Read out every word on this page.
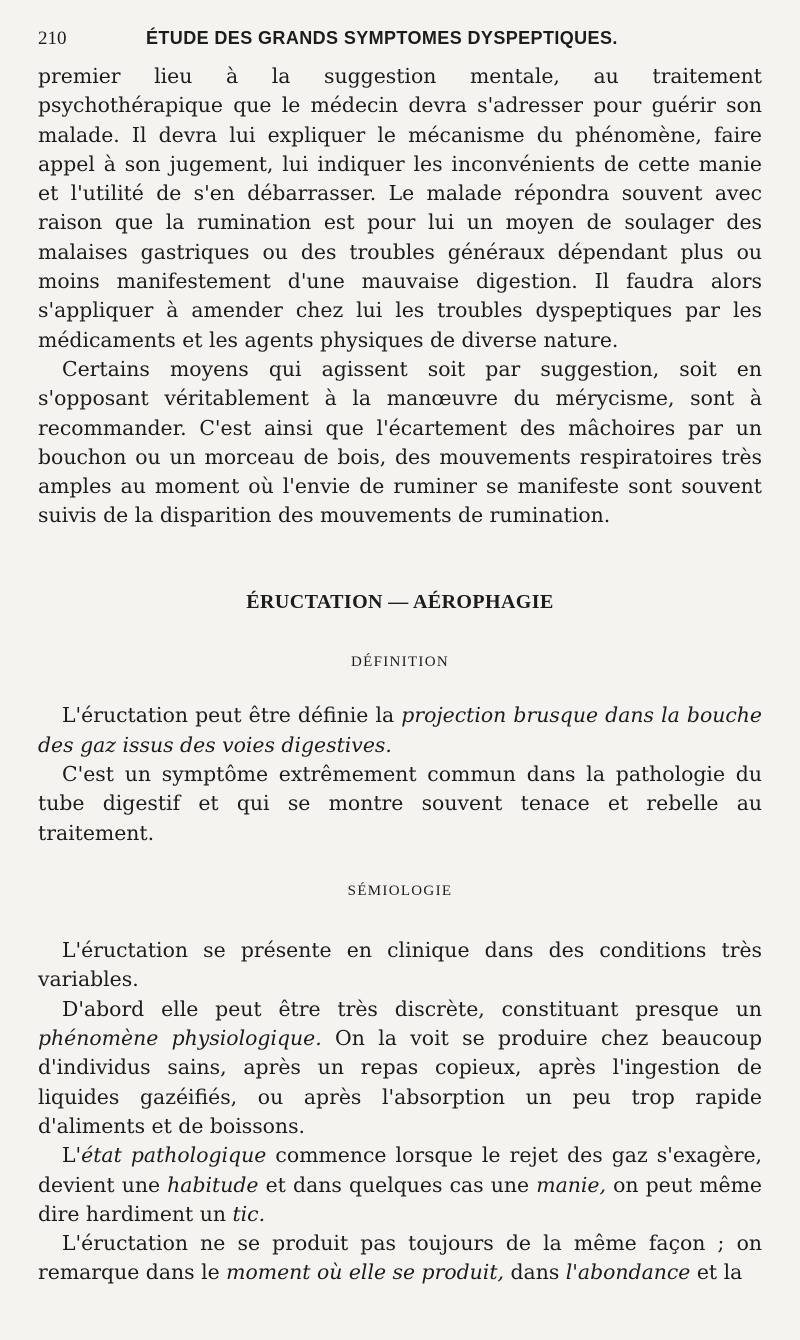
210	ÉTUDE DES GRANDS SYMPTOMES DYSPEPTIQUES.

premier lieu à la suggestion mentale, au traitement psychothérapique que le médecin devra s'adresser pour guérir son malade. Il devra lui expliquer le mécanisme du phénomène, faire appel à son jugement, lui indiquer les inconvénients de cette manie et l'utilité de s'en débarrasser. Le malade répondra souvent avec raison que la rumination est pour lui un moyen de soulager des malaises gastriques ou des troubles généraux dépendant plus ou moins manifestement d'une mauvaise digestion. Il faudra alors s'appliquer à amender chez lui les troubles dyspeptiques par les médicaments et les agents physiques de diverse nature.

Certains moyens qui agissent soit par suggestion, soit en s'opposant véritablement à la manœuvre du mérycisme, sont à recommander. C'est ainsi que l'écartement des mâchoires par un bouchon ou un morceau de bois, des mouvements respiratoires très amples au moment où l'envie de ruminer se manifeste sont souvent suivis de la disparition des mouvements de rumination.

ÉRUCTATION — AÉROPHAGIE
DÉFINITION

L'éructation peut être définie la projection brusque dans la bouche des gaz issus des voies digestives.

C'est un symptôme extrêmement commun dans la pathologie du tube digestif et qui se montre souvent tenace et rebelle au traitement.

SÉMIOLOGIE

L'éructation se présente en clinique dans des conditions très variables.

D'abord elle peut être très discrète, constituant presque un phénomène physiologique. On la voit se produire chez beaucoup d'individus sains, après un repas copieux, après l'ingestion de liquides gazéifiés, ou après l'absorption un peu trop rapide d'aliments et de boissons.

L'état pathologique commence lorsque le rejet des gaz s'exagère, devient une habitude et dans quelques cas une manie, on peut même dire hardiment un tic.

L'éructation ne se produit pas toujours de la même façon ; on remarque dans le moment où elle se produit, dans l'abondance et la
